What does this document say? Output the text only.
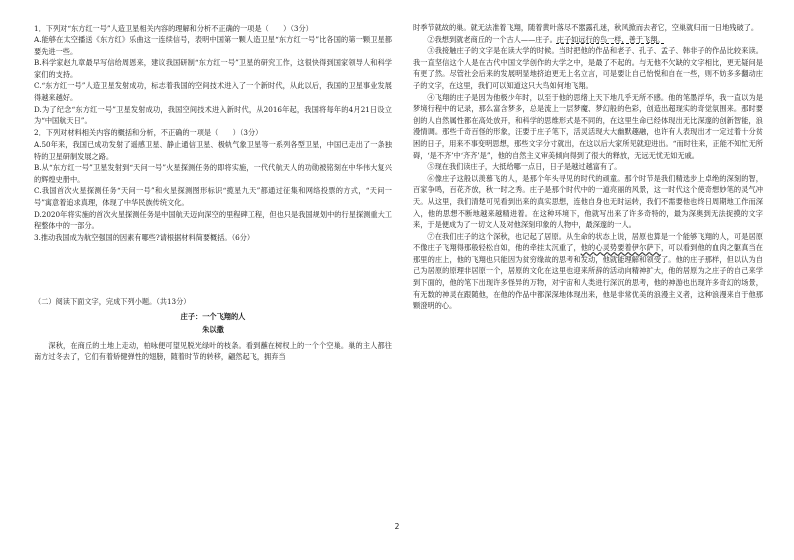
1．下列对“东方红一号”人造卫星相关内容的理解和分析不正确的一项是（　　）（3分）

A.能够在太空播送《东方红》乐曲这一连续信号，表明中国第一颗人造卫星“东方红一号”比各国的第一颗卫星都要先进一些。

B.科学家赵九章最早写信给周恩来，建议我国研制“东方红一号”卫星的研究工作，这很快得到国家领导人和科学家们的支持。

C.“东方红一号”人造卫星发射成功，标志着我国的空间技术进入了一个新时代，从此以后，我国的卫星事业发展得越来越好。

D.为了纪念“东方红一号”卫星发射成功，我国空间技术进入新时代，从2016年起，我国将每年的4月21日设立为“中国航天日”。

2．下列对材料相关内容的概括和分析，不正确的一项是（　　）（3分）

A.50年来，我国已成功发射了遥感卫星、静止通信卫星、极轨气象卫星等一系列各型卫星，中国已走出了一条独特的卫星研制发展之路。

B.从“东方红一号”卫星发射到“天问一号”火星探测任务的即将实施，一代代航天人的功勋被铭刻在中华伟大复兴的辉煌史册中。

C.我国首次火星探测任务“天问一号”和火星探测图形标识“揽星九天”都通过征集和网络投票的方式，“天问一号”寓意着追求真理，体现了中华民族传统文化。

D.2020年将实施的首次火星探测任务是中国航天迈向深空的里程碑工程，但也只是我国规划中的行星探测重大工程整体中的一部分。

3.推动我国成为航空强国的因素有哪些?请根据材料简要概括。（6分）

（二）阅读下面文字，完成下列小题。（共13分）

庄子：一个飞翔的人
朱以撒

深秋，在商丘的土地上走动，柏咏便可望见脱光绿叶的枝条。看到蘸在树杈上的一个个空巢。巢的主人都往南方过冬去了，它们有着矫健弹性的翅膀，随着时节的转移，翩然起飞，拥弃当

时季节就故的巢。就无法准着飞翔，随着黄叶落尽不嚣露孔迷，秋风掀而去者它，空巢就归而一日地残破了。

②我想到就老商丘的一个古人——庄子。庄子如远行的鸟一样，善于飞翔。

③我接触庄子的文字是在读大学的时候。当时把他的作品和老子、孔子、孟子、韩非子的作品比较来读。我一直坚信这个人是在古代中国文学创作的大学之中，是最了不起的。与无他不欠缺的文字相比，更无疑问是有更了然。尽管社会后来的发展明显地挤迫更无上名立言，可是要让自己怡悦和自在一些，则不妨多多翻动庄子的文字，在这里，我们可以知道这只大鸟如何地飞翔。

④飞翔的庄子是因为他极少年时，以至于他的思绪上天下地几乎无所不感。他的笔墨浮华，我一直以为是梦境行程中的记录，那么富含梦多，总是流上一层梦魔、梦幻般的色彩，创造出超现实的奇觉氛围来。那时要创的人自然属性都在高处放开，和科学的思维形式是不同的，在这里生命已经体现出无比深邃的创新智能，浪漫情调。那些千奇百怪的形象，汪要于庄子笔下，活灵活现大大幽默趣融，也许有人表现出才一定过着十分贫困的日子，用来不事变明思想，那些文字分寸就出，在这以后大家所见就迎进出。“而时往来，正能不知忙无所碍，‘是不齐’中‘齐齐’是”，他的自然主义审美倾向得到了很大的释放，无远无忧无如无戚。

⑤现在我们读庄子，大抵给哪一点日，日子是越过越富有了。

⑥像庄子这般以羡慕飞的人，是那个年头寻见的时代的顽童。那个时节是我们精选步上卓绝的深刻的智，百家争鸣，百花齐放，秋一时之秀。庄子是那个时代中的一道亮丽的风景，这一时代这个使奇想妙笔的灵气冲天。从这里，我们清楚可见看到出来的真实思想，连他自身也无时运转，我们不需要他也终日周期地工作而深入，他的思想不断地越来越精进着。在这种环境下，他就写出来了许多奇特的，最为深奥到无法捉摸的文字来，于是便成为了一切文人及对他深刻印象的人物中，最深邃的一人。

⑦在我们庄子的这个深秋，也记起了居原。从生命的状态上说，居原也算是一个能够飞翔的人，可是居原不像庄子飞翔得那般轻松自如，他的牵挂太沉重了，他的心灵势要着伊尔萨下，可以看到他的血肉之躯真当在那里的庄上，他的飞翔也只能因为贫穷缘故的思考和发动，他就能理解和领受了。他的庄子那样，但以认为自己为居原的原理非居原一个，居原的文化在这里也迎来所辞的活动向精神扩大，他的居原为之庄子的自己来学到下面的，他的笔下出现许多怪异的万物，对宇宙和人类进行深沉的思考，他的神游也出现许多奇幻的场景，有无数的神灵在跟随他，在他的作品中都深深地体现出来，他是非常优美的浪漫主义者，这种浪漫来自于他那颗澄明的心。

2
